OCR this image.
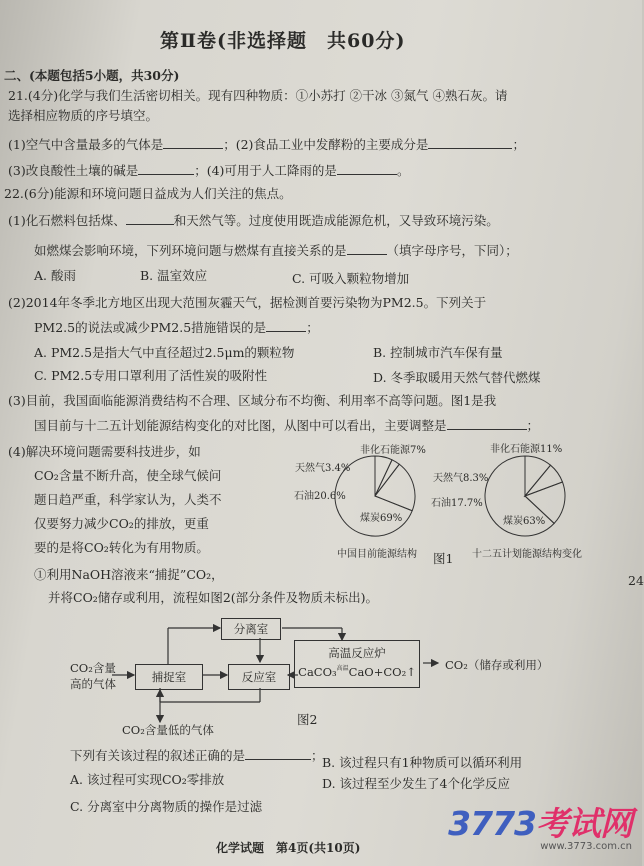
第Ⅱ卷(非选择题　共60分)
二、(本题包括5小题，共30分)
21.(4分)化学与我们生活密切相关。现有四种物质：①小苏打 ②干冰 ③氮气 ④熟石灰。请
选择相应物质的序号填空。
(1)空气中含量最多的气体是	；(2)食品工业中发酵粉的主要成分是	；
(3)改良酸性土壤的碱是	；(4)可用于人工降雨的是	。
22.(6分)能源和环境问题日益成为人们关注的焦点。
(1)化石燃料包括煤、	和天然气等。过度使用既造成能源危机，又导致环境污染。
如燃煤会影响环境，下列环境问题与燃煤有直接关系的是	（填字母序号，下同）；
A. 酸雨	B. 温室效应	C. 可吸入颗粒物增加
(2)2014年冬季北方地区出现大范围灰霾天气，据检测首要污染物为PM2.5。下列关于
PM2.5的说法或减少PM2.5措施错误的是	；
A. PM2.5是指大气中直径超过2.5μm的颗粒物	B. 控制城市汽车保有量
C. PM2.5专用口罩利用了活性炭的吸附性	D. 冬季取暖用天然气替代燃煤
(3)目前，我国面临能源消费结构不合理、区域分布不均衡、利用率不高等问题。图1是我
国目前与十二五计划能源结构变化的对比图，从图中可以看出，主要调整是	；
(4)解决环境问题需要科技进步，如
CO₂含量不断升高，使全球气候问
题日趋严重，科学家认为，人类不
仅要努力减少CO₂的排放，更重
要的是将CO₂转化为有用物质。
①利用NaOH溶液来“捕捉”CO₂，
并将CO₂储存或利用，流程如图2(部分条件及物质未标出)。
非化石能源7%
天然气3.4%
石油20.6%
煤炭69%
中国目前能源结构
非化石能源11%
天然气8.3%
石油17.7%
煤炭63%
十二五计划能源结构变化
图1
CO₂含量
高的气体	捕捉室
分离室
反应室
高温反应炉
CaCO₃$^{高温}$CaO+CO₂↑	CO₂（储存或利用）
CO₂含量低的气体
图2
下列有关该过程的叙述正确的是	；
A. 该过程可实现CO₂零排放
B. 该过程只有1种物质可以循环利用
C. 分离室中分离物质的操作是过滤
D. 该过程至少发生了4个化学反应
24
化学试题　第4页(共10页)
3773考试网
www.3773.com.cn
